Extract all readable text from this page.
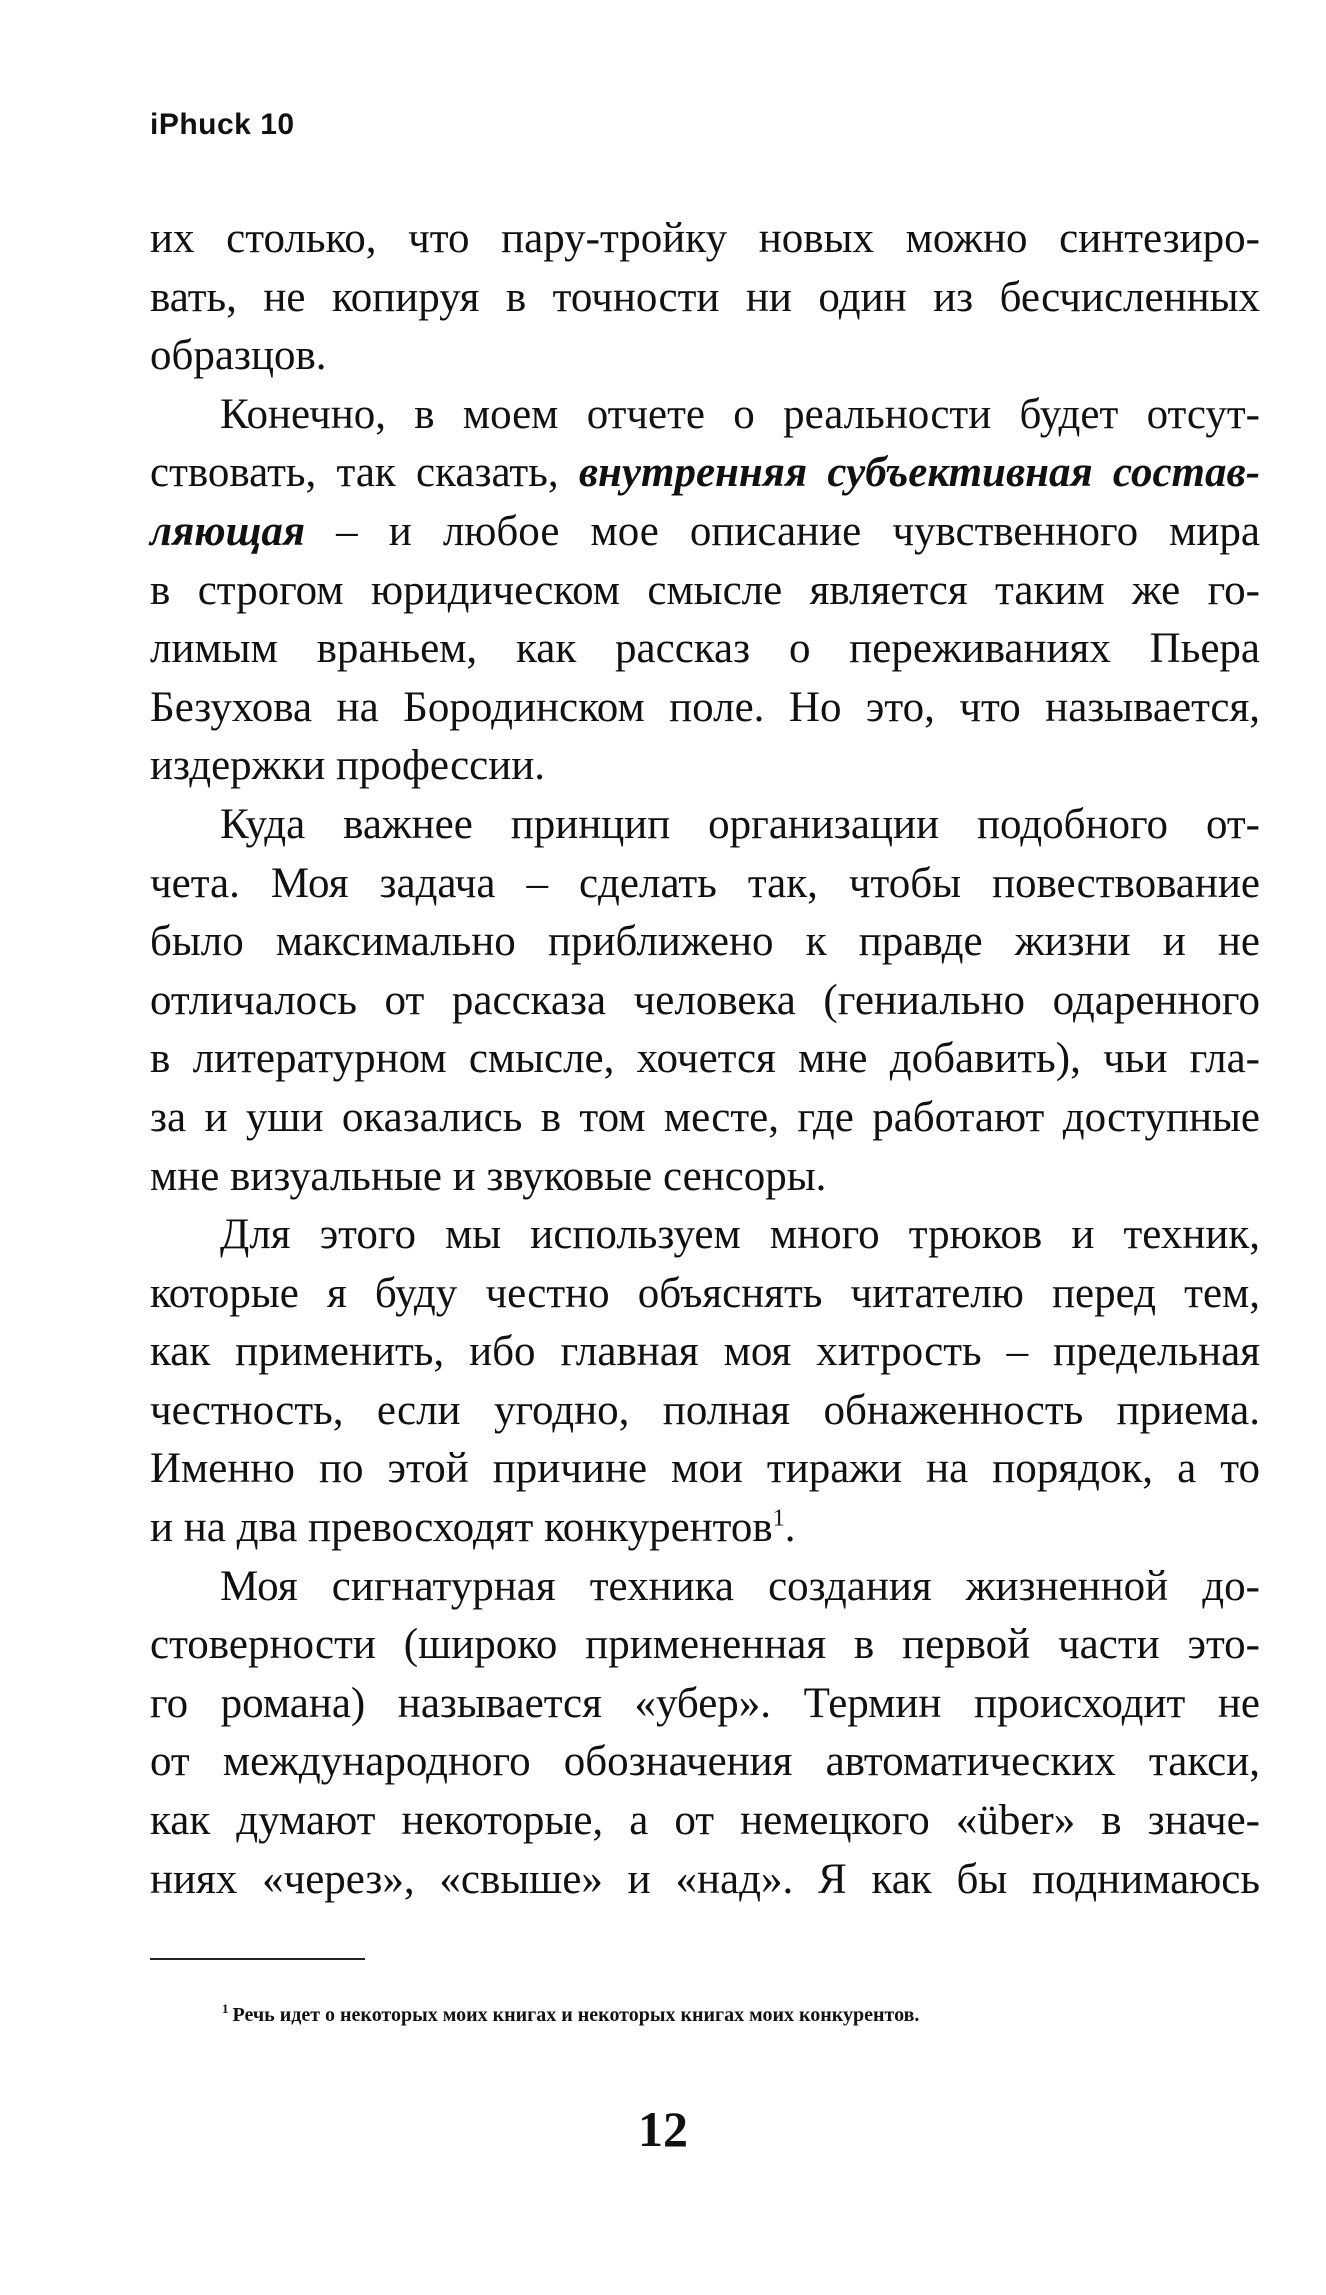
iPhuck 10
их столько, что пару-тройку новых можно синтезиро-
вать, не копируя в точности ни один из бесчисленных
образцов.
Конечно, в моем отчете о реальности будет отсут-
ствовать, так сказать, внутренняя субъективная состав-
ляющая – и любое мое описание чувственного мира
в строгом юридическом смысле является таким же го-
лимым враньем, как рассказ о переживаниях Пьера
Безухова на Бородинском поле. Но это, что называется,
издержки профессии.
Куда важнее принцип организации подобного от-
чета. Моя задача – сделать так, чтобы повествование
было максимально приближено к правде жизни и не
отличалось от рассказа человека (гениально одаренного
в литературном смысле, хочется мне добавить), чьи гла-
за и уши оказались в том месте, где работают доступные
мне визуальные и звуковые сенсоры.
Для этого мы используем много трюков и техник,
которые я буду честно объяснять читателю перед тем,
как применить, ибо главная моя хитрость – предельная
честность, если угодно, полная обнаженность приема.
Именно по этой причине мои тиражи на порядок, а то
и на два превосходят конкурентов$^1$.
Моя сигнатурная техника создания жизненной до-
стоверности (широко примененная в первой части это-
го романа) называется «убер». Термин происходит не
от международного обозначения автоматических такси,
как думают некоторые, а от немецкого «über» в значе-
ниях «через», «свыше» и «над». Я как бы поднимаюсь
$^1$ Речь идет о некоторых моих книгах и некоторых книгах моих конкурентов.
12
